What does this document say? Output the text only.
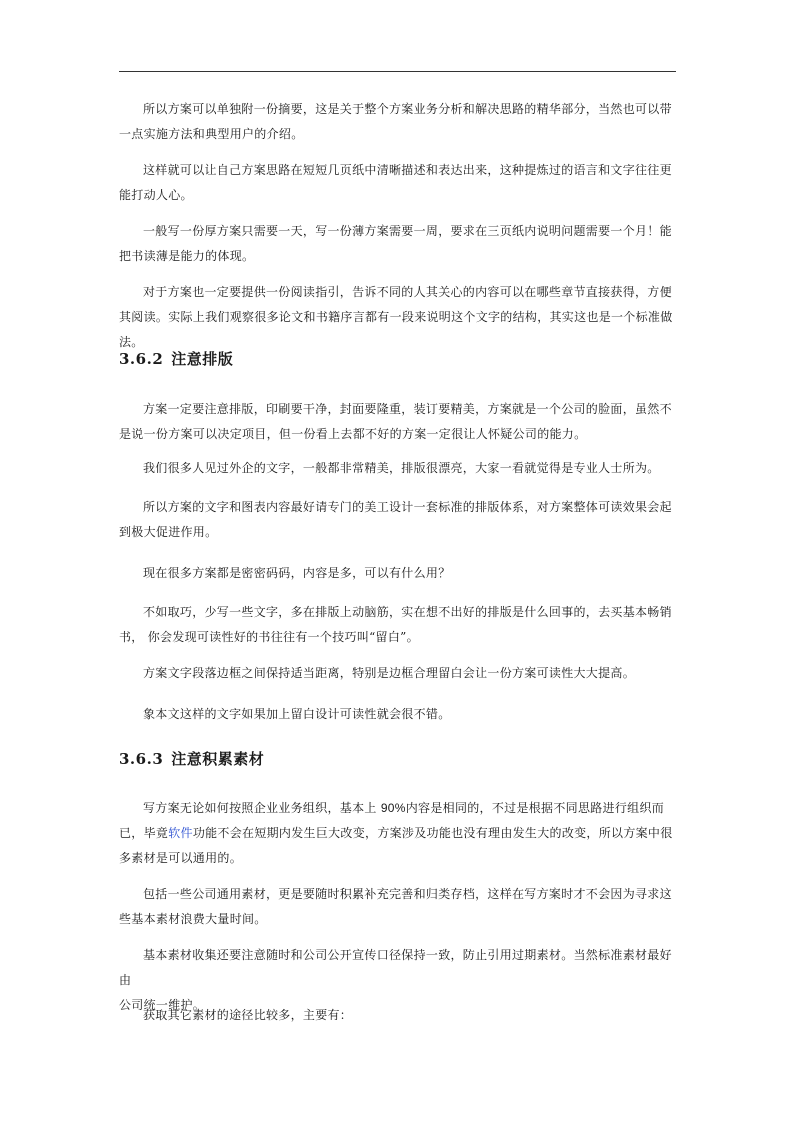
所以方案可以单独附一份摘要，这是关于整个方案业务分析和解决思路的精华部分，当然也可以带一点实施方法和典型用户的介绍。

这样就可以让自己方案思路在短短几页纸中清晰描述和表达出来，这种提炼过的语言和文字往往更能打动人心。

一般写一份厚方案只需要一天，写一份薄方案需要一周，要求在三页纸内说明问题需要一个月！能把书读薄是能力的体现。

对于方案也一定要提供一份阅读指引，告诉不同的人其关心的内容可以在哪些章节直接获得，方便其阅读。实际上我们观察很多论文和书籍序言都有一段来说明这个文字的结构，其实这也是一个标准做法。

3.6.2 注意排版

方案一定要注意排版，印刷要干净，封面要隆重，装订要精美，方案就是一个公司的脸面，虽然不是说一份方案可以决定项目，但一份看上去都不好的方案一定很让人怀疑公司的能力。

我们很多人见过外企的文字，一般都非常精美，排版很漂亮，大家一看就觉得是专业人士所为。

所以方案的文字和图表内容最好请专门的美工设计一套标准的排版体系，对方案整体可读效果会起到极大促进作用。

现在很多方案都是密密码码，内容是多，可以有什么用？

不如取巧，少写一些文字，多在排版上动脑筋，实在想不出好的排版是什么回事的，去买基本畅销书， 你会发现可读性好的书往往有一个技巧叫“留白”。

方案文字段落边框之间保持适当距离，特别是边框合理留白会让一份方案可读性大大提高。

象本文这样的文字如果加上留白设计可读性就会很不错。

3.6.3 注意积累素材

写方案无论如何按照企业业务组织，基本上 90%内容是相同的，不过是根据不同思路进行组织而已，毕竟软件功能不会在短期内发生巨大改变，方案涉及功能也没有理由发生大的改变，所以方案中很多素材是可以通用的。

包括一些公司通用素材，更是要随时积累补充完善和归类存档，这样在写方案时才不会因为寻求这些基本素材浪费大量时间。

基本素材收集还要注意随时和公司公开宣传口径保持一致，防止引用过期素材。当然标准素材最好由
公司统一维护。

获取其它素材的途径比较多，主要有：
